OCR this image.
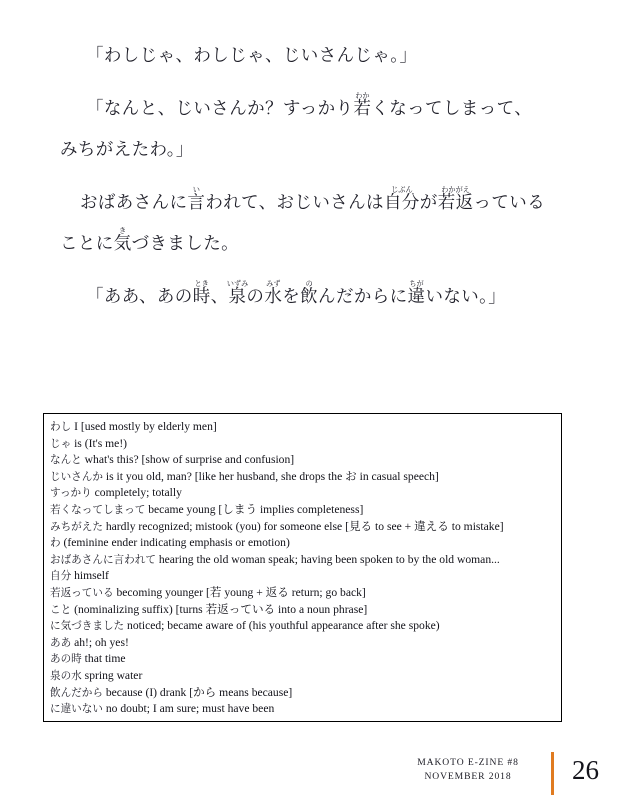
「わしじゃ、わしじゃ、じいさんじゃ。」

「なんと、じいさんか？すっかり若わかくなってしまって、
みちがえたわ。」

おばあさんに言いわれて、おじいさんは自分じぶんが若返わかがえっている
ことに気きづきました。

「ああ、あの時とき、泉いずみの水みずを飲のんだからに違ちがいない。」

わし I [used mostly by elderly men]
じゃ is (It's me!)
なんと what's this? [show of surprise and confusion]
じいさんか is it you old, man? [like her husband, she drops the お in casual speech]
すっかり completely; totally
若くなってしまって became young [しまう implies completeness]
みちがえた hardly recognized; mistook (you) for someone else [見る to see + 違える to mistake]
わ (feminine ender indicating emphasis or emotion)
おばあさんに言われて hearing the old woman speak; having been spoken to by the old woman...
自分 himself
若返っている becoming younger [若 young + 返る return; go back]
こと (nominalizing suffix) [turns 若返っている into a noun phrase]
に気づきました noticed; became aware of (his youthful appearance after she spoke)
ああ ah!; oh yes!
あの時 that time
泉の水 spring water
飲んだから because (I) drank [から means because]
に違いない no doubt; I am sure; must have been
MAKOTO E-ZINE #8
NOVEMBER 2018	26
